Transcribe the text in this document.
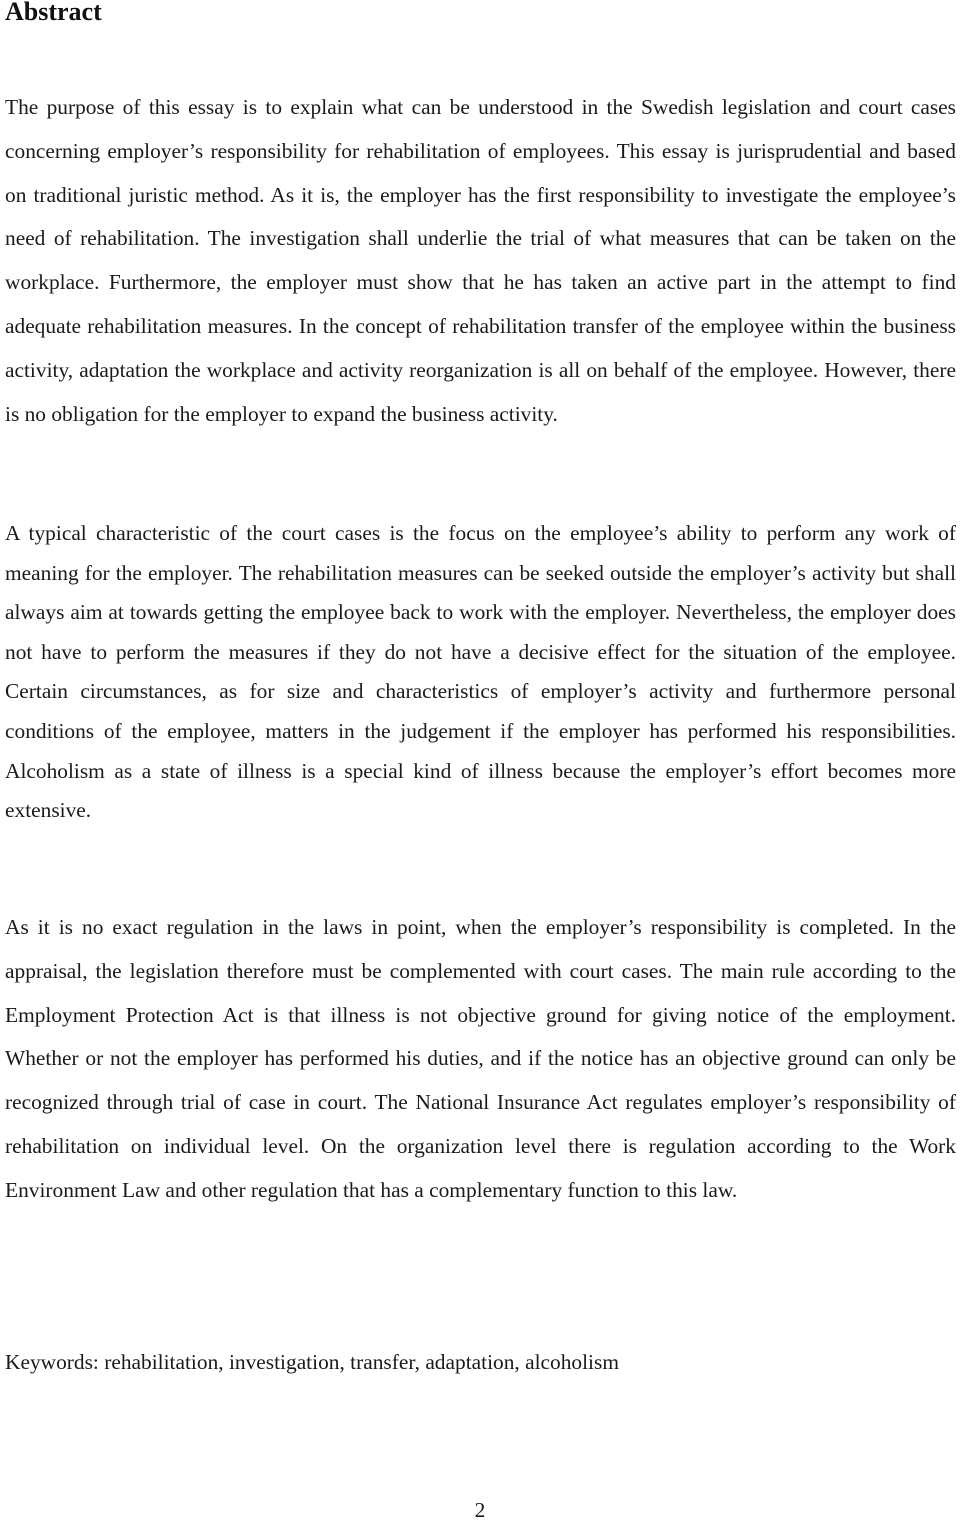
Abstract

The purpose of this essay is to explain what can be understood in the Swedish legislation and court cases concerning employer’s responsibility for rehabilitation of employees. This essay is jurisprudential and based on traditional juristic method. As it is, the employer has the first responsibility to investigate the employee’s need of rehabilitation. The investigation shall underlie the trial of what measures that can be taken on the workplace. Furthermore, the employer must show that he has taken an active part in the attempt to find adequate rehabilitation measures. In the concept of rehabilitation transfer of the employee within the business activity, adaptation the workplace and activity reorganization is all on behalf of the employee. However, there is no obligation for the employer to expand the business activity.

A typical characteristic of the court cases is the focus on the employee’s ability to perform any work of meaning for the employer. The rehabilitation measures can be seeked outside the employer’s activity but shall always aim at towards getting the employee back to work with the employer. Nevertheless, the employer does not have to perform the measures if they do not have a decisive effect for the situation of the employee. Certain circumstances, as for size and characteristics of employer’s activity and furthermore personal conditions of the employee, matters in the judgement if the employer has performed his responsibilities. Alcoholism as a state of illness is a special kind of illness because the employer’s effort becomes more extensive.

As it is no exact regulation in the laws in point, when the employer’s responsibility is completed. In the appraisal, the legislation therefore must be complemented with court cases. The main rule according to the Employment Protection Act is that illness is not objective ground for giving notice of the employment. Whether or not the employer has performed his duties, and if the notice has an objective ground can only be recognized through trial of case in court. The National Insurance Act regulates employer’s responsibility of rehabilitation on individual level. On the organization level there is regulation according to the Work Environment Law and other regulation that has a complementary function to this law.

Keywords: rehabilitation, investigation, transfer, adaptation, alcoholism

2
